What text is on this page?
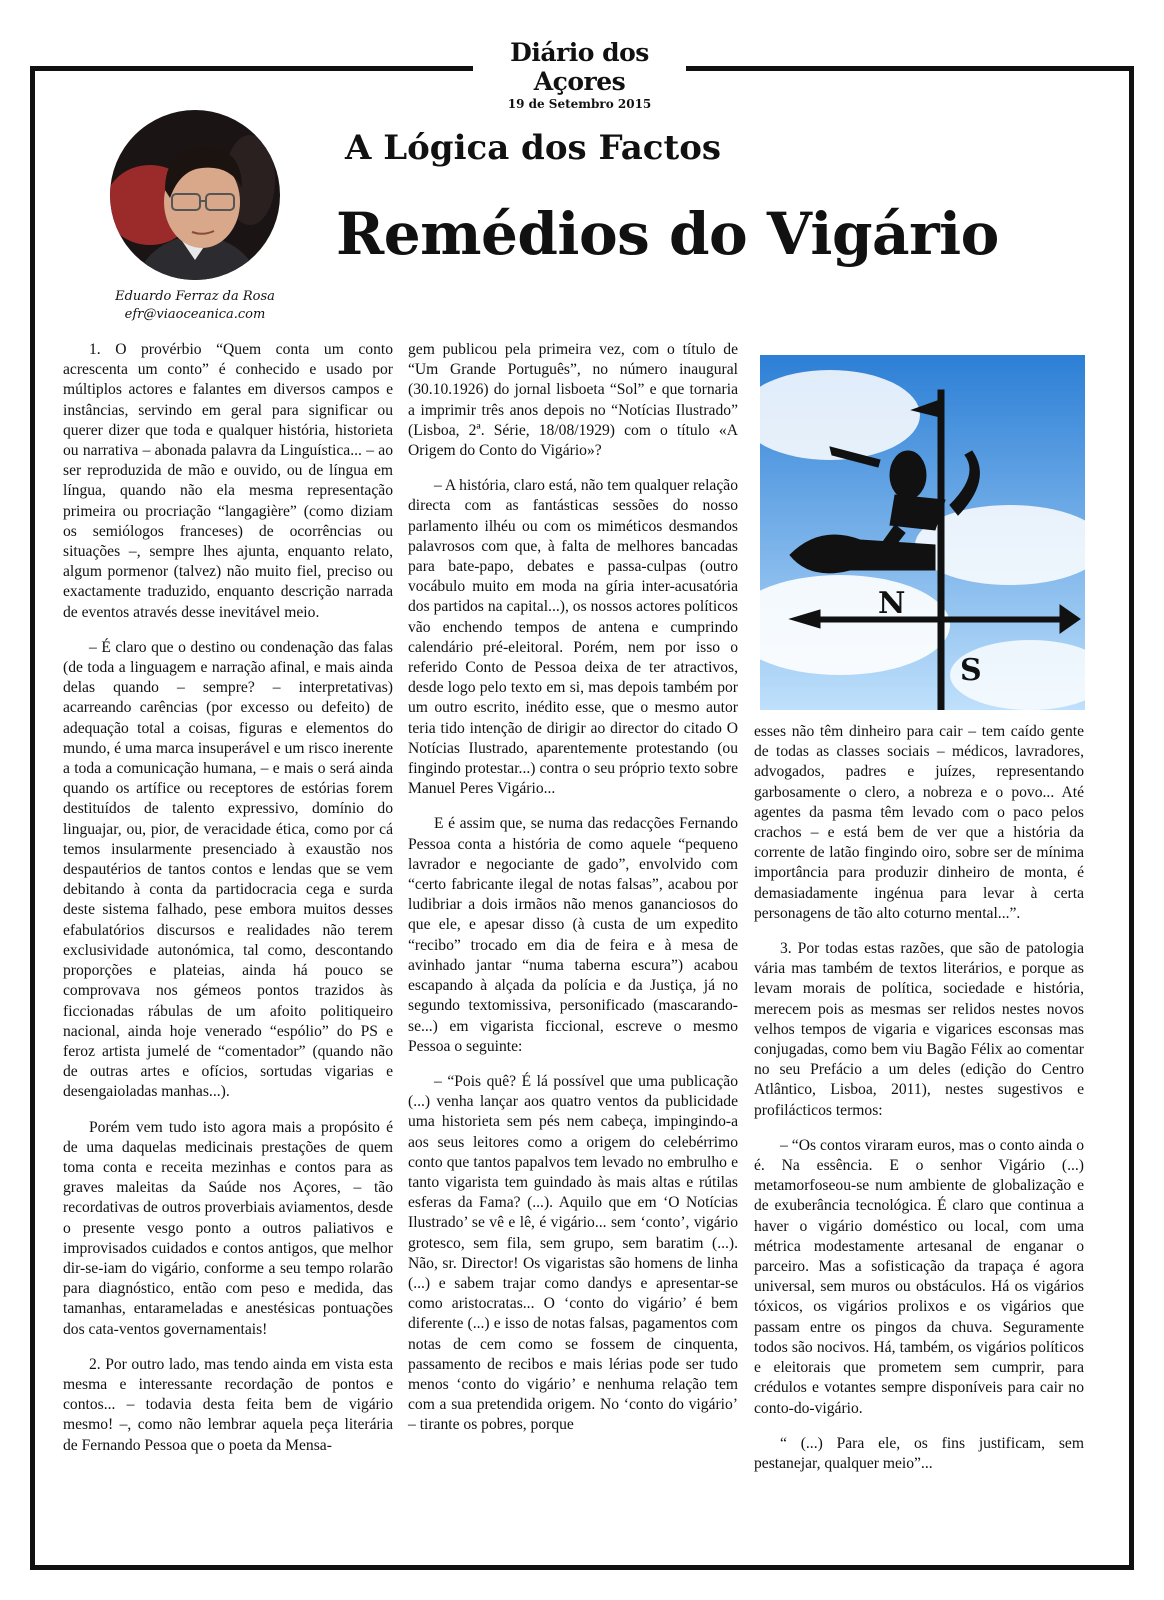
Diário dos Açores
19 de Setembro 2015
Eduardo Ferraz da Rosa
efr@viaoceanica.com
A Lógica dos Factos
Remédios do Vigário

1. O provérbio “Quem conta um conto acrescenta um conto” é conhecido e usado por múltiplos actores e falantes em diversos campos e instâncias, servindo em geral para significar ou querer dizer que toda e qualquer história, historieta ou narrativa – abonada palavra da Linguística... – ao ser reproduzida de mão e ouvido, ou de língua em língua, quando não ela mesma representação primeira ou procriação “langagière” (como diziam os semiólogos franceses) de ocorrências ou situações –, sempre lhes ajunta, enquanto relato, algum pormenor (talvez) não muito fiel, preciso ou exactamente traduzido, enquanto descrição narrada de eventos através desse inevitável meio.

– É claro que o destino ou condenação das falas (de toda a linguagem e narração afinal, e mais ainda delas quando – sempre? – interpretativas) acarreando carências (por excesso ou defeito) de adequação total a coisas, figuras e elementos do mundo, é uma marca insuperável e um risco inerente a toda a comunicação humana, – e mais o será ainda quando os artífice ou receptores de estórias forem destituídos de talento expressivo, domínio do linguajar, ou, pior, de veracidade ética, como por cá temos insularmente presenciado à exaustão nos despautérios de tantos contos e lendas que se vem debitando à conta da partidocracia cega e surda deste sistema falhado, pese embora muitos desses efabulatórios discursos e realidades não terem exclusividade autonómica, tal como, descontando proporções e plateias, ainda há pouco se comprovava nos gémeos pontos trazidos às ficcionadas rábulas de um afoito politiqueiro nacional, ainda hoje venerado “espólio” do PS e feroz artista jumelé de “comentador” (quando não de outras artes e ofícios, sortudas vigarias e desengaioladas manhas...).

Porém vem tudo isto agora mais a propósito é de uma daquelas medicinais prestações de quem toma conta e receita mezinhas e contos para as graves maleitas da Saúde nos Açores, – tão recordativas de outros proverbiais aviamentos, desde o presente vesgo ponto a outros paliativos e improvisados cuidados e contos antigos, que melhor dir-se-iam do vigário, conforme a seu tempo rolarão para diagnóstico, então com peso e medida, das tamanhas, entarameladas e anestésicas pontuações dos cata-ventos governamentais!

2. Por outro lado, mas tendo ainda em vista esta mesma e interessante recordação de pontos e contos... – todavia desta feita bem de vigário mesmo! –, como não lembrar aquela peça literária de Fernando Pessoa que o poeta da Mensa-

gem publicou pela primeira vez, com o título de “Um Grande Português”, no número inaugural (30.10.1926) do jornal lisboeta “Sol” e que tornaria a imprimir três anos depois no “Notícias Ilustrado” (Lisboa, 2ª. Série, 18/08/1929) com o título «A Origem do Conto do Vigário»?

– A história, claro está, não tem qualquer relação directa com as fantásticas sessões do nosso parlamento ilhéu ou com os miméticos desmandos palavrosos com que, à falta de melhores bancadas para bate-papo, debates e passa-culpas (outro vocábulo muito em moda na gíria inter-acusatória dos partidos na capital...), os nossos actores políticos vão enchendo tempos de antena e cumprindo calendário pré-eleitoral. Porém, nem por isso o referido Conto de Pessoa deixa de ter atractivos, desde logo pelo texto em si, mas depois também por um outro escrito, inédito esse, que o mesmo autor teria tido intenção de dirigir ao director do citado O Notícias Ilustrado, aparentemente protestando (ou fingindo protestar...) contra o seu próprio texto sobre Manuel Peres Vigário...

E é assim que, se numa das redacções Fernando Pessoa conta a história de como aquele “pequeno lavrador e negociante de gado”, envolvido com “certo fabricante ilegal de notas falsas”, acabou por ludibriar a dois irmãos não menos gananciosos do que ele, e apesar disso (à custa de um expedito “recibo” trocado em dia de feira e à mesa de avinhado jantar “numa taberna escura”) acabou escapando à alçada da polícia e da Justiça, já no segundo textomissiva, personificado (mascarando-se...) em vigarista ficcional, escreve o mesmo Pessoa o seguinte:

– “Pois quê? É lá possível que uma publicação (...) venha lançar aos quatro ventos da publicidade uma historieta sem pés nem cabeça, impingindo-a aos seus leitores como a origem do celebérrimo conto que tantos papalvos tem levado no embrulho e tanto vigarista tem guindado às mais altas e rútilas esferas da Fama? (...). Aquilo que em ‘O Notícias Ilustrado’ se vê e lê, é vigário... sem ‘conto’, vigário grotesco, sem fila, sem grupo, sem baratim (...). Não, sr. Director! Os vigaristas são homens de linha (...) e sabem trajar como dandys e apresentar-se como aristocratas... O ‘conto do vigário’ é bem diferente (...) e isso de notas falsas, pagamentos com notas de cem como se fossem de cinquenta, passamento de recibos e mais lérias pode ser tudo menos ‘conto do vigário’ e nenhuma relação tem com a sua pretendida origem. No ‘conto do vigário’ – tirante os pobres, porque

N
S

esses não têm dinheiro para cair – tem caído gente de todas as classes sociais – médicos, lavradores, advogados, padres e juízes, representando garbosamente o clero, a nobreza e o povo... Até agentes da pasma têm levado com o paco pelos crachos – e está bem de ver que a história da corrente de latão fingindo oiro, sobre ser de mínima importância para produzir dinheiro de monta, é demasiadamente ingénua para levar à certa personagens de tão alto coturno mental...”.

3. Por todas estas razões, que são de patologia vária mas também de textos literários, e porque as levam morais de política, sociedade e história, merecem pois as mesmas ser relidos nestes novos velhos tempos de vigaria e vigarices esconsas mas conjugadas, como bem viu Bagão Félix ao comentar no seu Prefácio a um deles (edição do Centro Atlântico, Lisboa, 2011), nestes sugestivos e profilácticos termos:

– “Os contos viraram euros, mas o conto ainda o é. Na essência. E o senhor Vigário (...) metamorfoseou-se num ambiente de globalização e de exuberância tecnológica. É claro que continua a haver o vigário doméstico ou local, com uma métrica modestamente artesanal de enganar o parceiro. Mas a sofisticação da trapaça é agora universal, sem muros ou obstáculos. Há os vigários tóxicos, os vigários prolixos e os vigários que passam entre os pingos da chuva. Seguramente todos são nocivos. Há, também, os vigários políticos e eleitorais que prometem sem cumprir, para crédulos e votantes sempre disponíveis para cair no conto-do-vigário.

“ (...) Para ele, os fins justificam, sem pestanejar, qualquer meio”...
